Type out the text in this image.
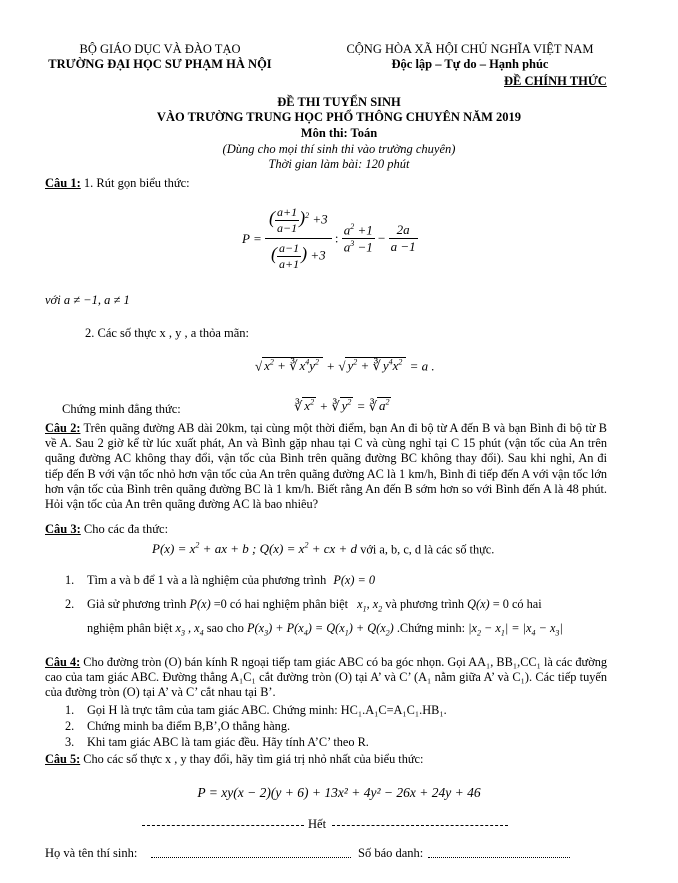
BỘ GIÁO DỤC VÀ ĐÀO TẠO
TRƯỜNG ĐẠI HỌC SƯ PHẠM HÀ NỘI
CỘNG HÒA XÃ HỘI CHỦ NGHĨA VIỆT NAM
Độc lập – Tự do – Hạnh phúc
ĐỀ CHÍNH THỨC
ĐỀ THI TUYỂN SINH
VÀO TRƯỜNG TRUNG HỌC PHỔ THÔNG CHUYÊN NĂM 2019
Môn thi: Toán
(Dùng cho mọi thí sinh thi vào trường chuyên)
Thời gian làm bài: 120 phút
Câu 1: 1. Rút gọn biểu thức:
$P = \frac{( \frac{a+1}{a-1} )^2 +3}{( \frac{a-1}{a+1} ) +3}$ : $\frac{a^2 +1}{a^3 -1} - \frac{2a}{a -1}$
với a ≠ −1, a ≠ 1
2. Các số thực x , y , a thỏa mãn:
√ $x^2$ + ∛ $x^4y^2$ + √ $y^2$ + ∛ $y^4x^2 = a$ .
Chứng minh đẳng thức:	∛ $x^2$ + ∛ $y^2$ = ∛ $a^2$
Câu 2: Trên quãng đường AB dài 20km, tại cùng một thời điểm, bạn An đi bộ từ A đến B và bạn Bình đi bộ từ B về A. Sau 2 giờ kể từ lúc xuất phát, An và Bình gặp nhau tại C và cùng nghỉ tại C 15 phút (vận tốc của An trên quãng đường AC không thay đổi, vận tốc của Bình trên quãng đường BC không thay đổi). Sau khi nghỉ, An đi tiếp đến B với vận tốc nhỏ hơn vận tốc của An trên quãng đường AC là 1 km/h, Bình đi tiếp đến A với vận tốc lớn hơn vận tốc của Bình trên quãng đường BC là 1 km/h. Biết rằng An đến B sớm hơn so với Bình đến A là 48 phút. Hỏi vận tốc của An trên quãng đường AC là bao nhiêu?
Câu 3: Cho các đa thức:
$P(x) = x^2$ + ax + b ; $Q(x) = x^2$ + cx + d với a, b, c, d là các số thực.
1. Tìm a và b để 1 và a là nghiệm của phương trình P(x) = 0
2. Giả sử phương trình P(x) =0 có hai nghiệm phân biệt $x_1$, $x_2$ và phương trình Q(x) = 0 có hai
nghiệm phân biệt $x_3$ , $x_4$ sao cho $P(x_3) + P(x_4) = Q(x_1) + Q(x_2)$ .Chứng minh: $|x_2 - x_1| = |x_4 - x_3|$
Câu 4: Cho đường tròn (O) bán kính R ngoại tiếp tam giác ABC có ba góc nhọn. Gọi AA₁, BB₁,CC₁ là các đường cao của tam giác ABC. Đường thẳng A₁C₁ cắt đường tròn (O) tại A’ và C’ (A₁ nằm giữa A’ và C₁). Các tiếp tuyến của đường tròn (O) tại A’ và C’ cắt nhau tại B’.
1. Gọi H là trực tâm của tam giác ABC. Chứng minh: HC₁.A₁C=A₁C₁.HB₁.
2. Chứng minh ba điểm B,B’,O thẳng hàng.
3. Khi tam giác ABC là tam giác đều. Hãy tính A’C’ theo R.
Câu 5: Cho các số thực x , y thay đổi, hãy tìm giá trị nhỏ nhất của biểu thức:
P = xy(x − 2)(y + 6) + 13x² + 4y² − 26x + 24y + 46
Hết
Họ và tên thí sinh:	Số báo danh:
